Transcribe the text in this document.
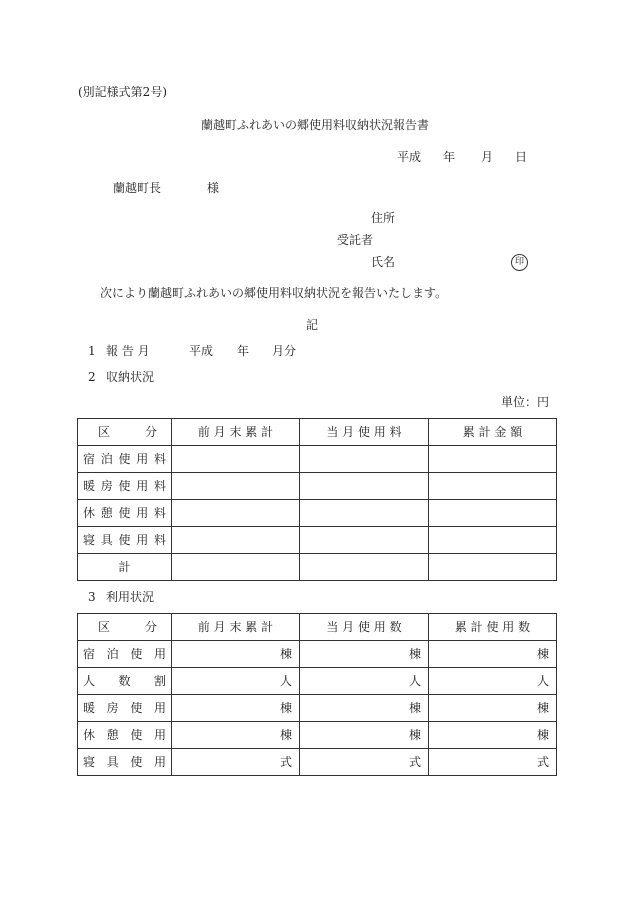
(別記様式第2号)
蘭越町ふれあいの郷使用料収納状況報告書
平成 年 月 日
蘭越町長	様
住所
受託者
氏名	印
次により蘭越町ふれあいの郷使用料収納状況を報告いたします。
記
1 報 告 月	平成 年 月分
2 収納状況
単位：円
区 分	前 月 末 累 計	当 月 使 用 料	累 計 金 額
宿 泊 使 用 料			
暖 房 使 用 料			
休 憩 使 用 料			
寝 具 使 用 料			
計			
3 利用状況
区 分	前 月 末 累 計	当 月 使 用 数	累 計 使 用 数
宿 泊 使 用	棟	棟	棟
人 数 割	人	人	人
暖 房 使 用	棟	棟	棟
休 憩 使 用	棟	棟	棟
寝 具 使 用	式	式	式
